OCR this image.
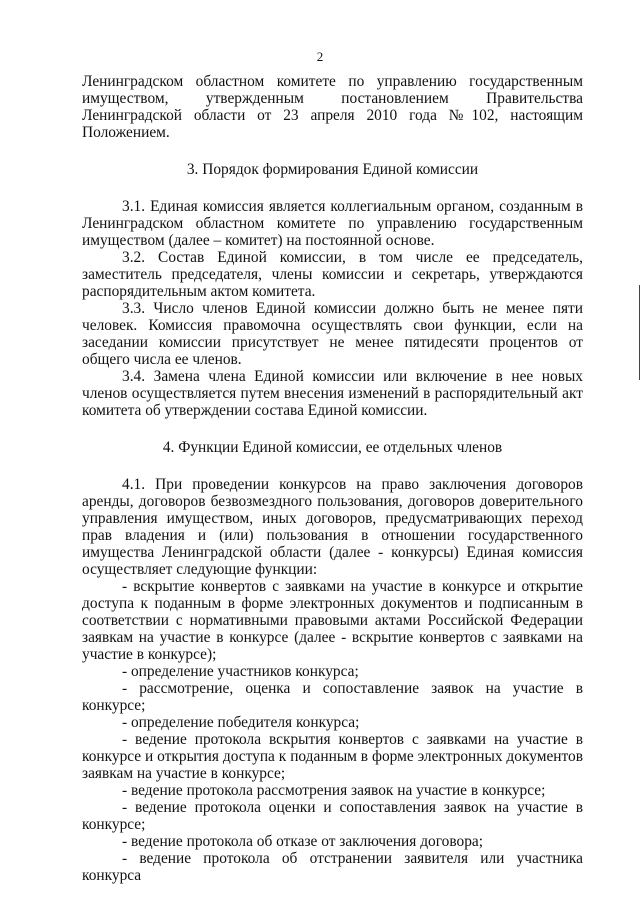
2

Ленинградском областном комитете по управлению государственным имуществом, утвержденным постановлением Правительства Ленинградской области от 23 апреля 2010 года №102, настоящим Положением.

3. Порядок формирования Единой комиссии

3.1. Единая комиссия является коллегиальным органом, созданным в Ленинградском областном комитете по управлению государственным имуществом (далее – комитет) на постоянной основе.

3.2. Состав Единой комиссии, в том числе ее председатель, заместитель председателя, члены комиссии и секретарь, утверждаются распорядительным актом комитета.

3.3. Число членов Единой комиссии должно быть не менее пяти человек. Комиссия правомочна осуществлять свои функции, если на заседании комиссии присутствует не менее пятидесяти процентов от общего числа ее членов.

3.4. Замена члена Единой комиссии или включение в нее новых членов осуществляется путем внесения изменений в распорядительный акт комитета об утверждении состава Единой комиссии.

4. Функции Единой комиссии, ее отдельных членов

4.1. При проведении конкурсов на право заключения договоров аренды, договоров безвозмездного пользования, договоров доверительного управления имуществом, иных договоров, предусматривающих переход прав владения и (или) пользования в отношении государственного имущества Ленинградской области (далее - конкурсы) Единая комиссия осуществляет следующие функции:

- вскрытие конвертов с заявками на участие в конкурсе и открытие доступа к поданным в форме электронных документов и подписанным в соответствии с нормативными правовыми актами Российской Федерации заявкам на участие в конкурсе (далее - вскрытие конвертов с заявками на участие в конкурсе);

- определение участников конкурса;

- рассмотрение, оценка и сопоставление заявок на участие в конкурсе;

- определение победителя конкурса;

- ведение протокола вскрытия конвертов с заявками на участие в конкурсе и открытия доступа к поданным в форме электронных документов заявкам на участие в конкурсе;

- ведение протокола рассмотрения заявок на участие в конкурсе;

- ведение протокола оценки и сопоставления заявок на участие в конкурсе;

- ведение протокола об отказе от заключения договора;

- ведение протокола об отстранении заявителя или участника конкурса
